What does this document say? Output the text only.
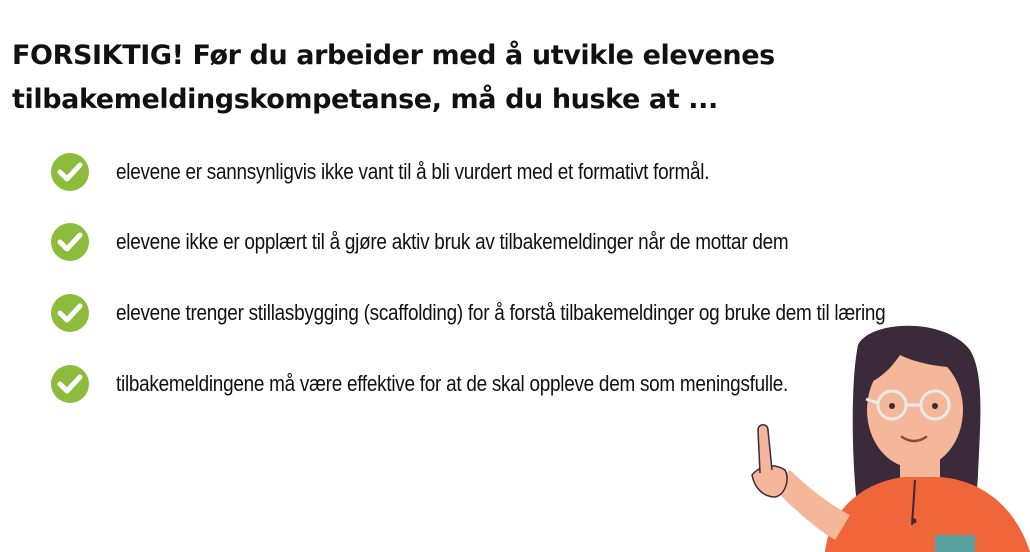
FORSIKTIG! Før du arbeider med å utvikle elevenes
tilbakemeldingskompetanse, må du huske at ...
elevene er sannsynligvis ikke vant til å bli vurdert med et formativt formål.
elevene ikke er opplært til å gjøre aktiv bruk av tilbakemeldinger når de mottar dem
elevene trenger stillasbygging (scaffolding) for å forstå tilbakemeldinger og bruke dem til læring
tilbakemeldingene må være effektive for at de skal oppleve dem som meningsfulle.
